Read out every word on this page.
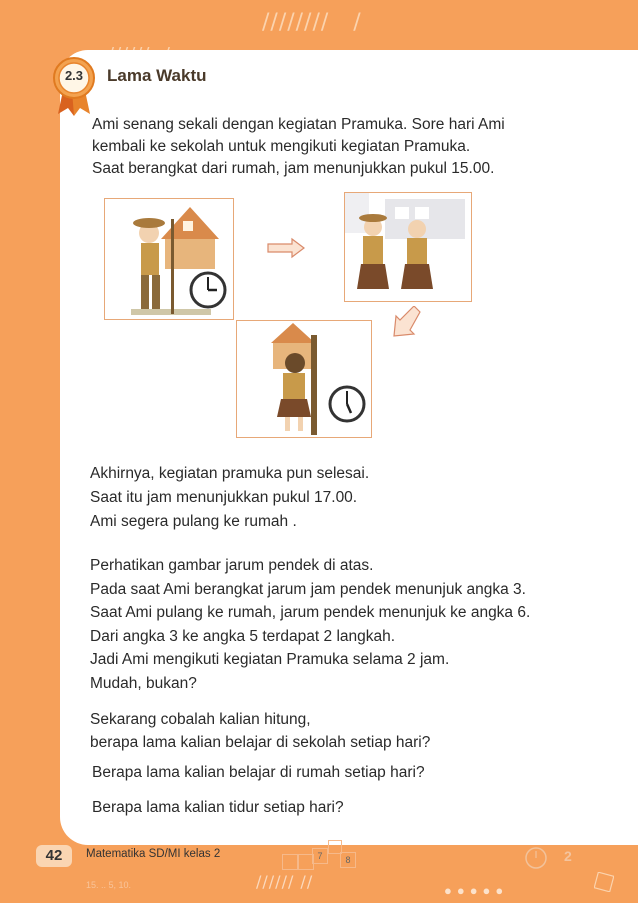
////////   /
2.3	Lama Waktu

Ami senang sekali dengan kegiatan Pramuka. Sore hari Ami

kembali ke sekolah untuk mengikuti kegiatan Pramuka.

Saat berangkat dari rumah, jam menunjukkan pukul 15.00.

Akhirnya, kegiatan pramuka pun selesai.

Saat itu jam menunjukkan pukul 17.00.

Ami segera pulang ke rumah .

Perhatikan gambar jarum pendek di atas.

Pada saat Ami berangkat jarum jam pendek menunjuk angka 3.

Saat Ami pulang ke rumah, jarum pendek menunjuk ke angka 6.

Dari angka 3 ke angka 5 terdapat 2 langkah.

Jadi Ami mengikuti kegiatan Pramuka selama 2 jam.

Mudah, bukan?

Sekarang cobalah kalian hitung,

berapa lama kalian belajar di sekolah setiap hari?

Berapa lama kalian belajar di rumah setiap hari?
Berapa lama kalian tidur setiap hari?
42	Matematika SD/MI kelas 2
15. .. 5, 10.
7	8
////// //	●●●●●
2
